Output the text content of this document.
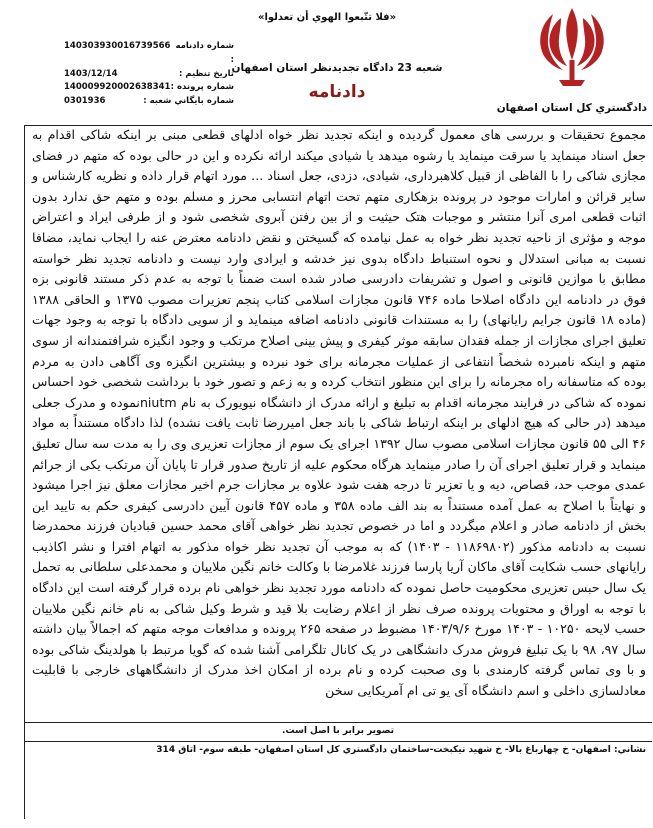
دادگستري کل استان اصفهان
«فلا تتّبعوا الهوي أن تعدلوا»
شعبه 23 دادگاه تجديدنظر استان اصفهان
دادنامه
140303930016739566 شماره دادنامه :
1403/12/14	تاريخ تنظيم :
140009920002638341 شماره پرونده :
0301936	شماره بايگاني شعبه :

مجموع تحقیقات و بررسی های معمول گردیده و اینکه تجدید نظر خواه ادلهای قطعی مبنی بر اینکه شاکی اقدام به جعل اسناد مینماید یا سرقت مینماید یا رشوه میدهد یا شیادی میکند ارائه نکرده و این در حالی بوده که متهم در فضای مجازی شاکی را با الفاظی از قبیل کلاهبرداری، شیادی، دزدی، جعل اسناد ... مورد اتهام قرار داده و نظریه کارشناس و سایر قرائن و امارات موجود در پرونده بزهکاری متهم تحت اتهام انتسابی محرز و مسلم بوده و متهم حق ندارد بدون اثبات قطعی امری آنرا منتشر و موجبات هتک حیثیت و از بین رفتن آبروی شخصی شود و از طرفی ایراد و اعتراض موجه و مؤثری از ناحیه تجدید نظر خواه به عمل نیامده که گسیختن و نقض دادنامه معترض عنه را ایجاب نماید، مضافا نسبت به مبانی استدلال و نحوه استنباط دادگاه بدوی نیز خدشه و ایرادی وارد نیست و دادنامه تجدید نظر خواسته مطابق با موازین قانونی و اصول و تشریفات دادرسی صادر شده است ضمناً با توجه به عدم ذکر مستند قانونی بزه فوق در دادنامه این دادگاه اصلاحا ماده ۷۴۶ قانون مجازات اسلامی کتاب پنجم تعزیرات مصوب ۱۳۷۵ و الحاقی ۱۳۸۸ (ماده ۱۸ قانون جرایم رایانهای) را به مستندات قانونی دادنامه اضافه مینماید و از سویی دادگاه با توجه به وجود جهات تعلیق اجرای مجازات از جمله فقدان سابقه موثر کیفری و پیش بینی اصلاح مرتکب و وجود انگیزه شرافتمندانه از سوی متهم و اینکه نامبرده شخصاً انتفاعی از عملیات مجرمانه برای خود نبرده و بیشترین انگیزه وی آگاهی دادن به مردم بوده که متاسفانه راه مجرمانه را برای این منظور انتخاب کرده و به زعم و تصور خود با برداشت شخصی خود احساس نموده که شاکی در فرایند مجرمانه اقدام به تبلیغ و ارائه مدرک از دانشگاه نیویورک به نام niutmنموده و مدرک جعلی میدهد (در حالی که هیچ ادلهای بر اینکه ارتباط شاکی با باند جعل امیررضا ثابت یافت نشده) لذا دادگاه مستنداً به مواد ۴۶ الی ۵۵ قانون مجازات اسلامی مصوب سال ۱۳۹۲ اجرای یک سوم از مجازات تعزیری وی را به مدت سه سال تعلیق مینماید و قرار تعلیق اجرای آن را صادر مینماید هرگاه محکوم علیه از تاریخ صدور قرار تا پایان آن مرتکب یکی از جرائم عمدی موجب حد، قصاص، دیه و یا تعزیر تا درجه هفت شود علاوه بر مجازات جرم اخیر مجازات معلق نیز اجرا میشود و نهایتاً با اصلاح به عمل آمده مستنداً به بند الف ماده ۳۵۸ و ماده ۴۵۷ قانون آیین دادرسی کیفری حکم به تایید این بخش از دادنامه صادر و اعلام میگردد و اما در خصوص تجدید نظر خواهی آقای محمد حسین قبادیان فرزند محمدرضا نسبت به دادنامه مذکور (۱۱۸۶۹۸۰۲ - ۱۴۰۳) که به موجب آن تجدید نظر خواه مذکور به اتهام افترا و نشر اکاذیب رایانهای حسب شکایت آقای ماکان آریا پارسا فرزند غلامرضا با وکالت خانم نگین ملاییان و محمدعلی سلطانی به تحمل یک سال حبس تعزیری محکومیت حاصل نموده که دادنامه مورد تجدید نظر خواهی نام برده قرار گرفته است این دادگاه با توجه به اوراق و محتویات پرونده صرف نظر از اعلام رضایت بلا قید و شرط وکیل شاکی به نام خانم نگین ملاییان حسب لایحه ۱۰۲۵۰ - ۱۴۰۳ مورخ ۱۴۰۳/۹/۶ مضبوط در صفحه ۲۶۵ پرونده و مدافعات موجه متهم که اجمالاً بیان داشته سال ۹۷، ۹۸ با یک تبلیغ فروش مدرک دانشگاهی در یک کانال تلگرامی آشنا شده که گویا مرتبط با هولدینگ شاکی بوده و با وی تماس گرفته کارمندی با وی صحبت کرده و نام برده از امکان اخذ مدرک از دانشگاههای خارجی با قابلیت معادلسازی داخلی و اسم دانشگاه آی یو تی ام آمریکایی سخن

تصوير برابر با اصل است.
نشاني: اصفهان- خ چهارباغ بالا- خ شهيد نيكبخت-ساختمان دادگستري كل استان اصفهان- طبقه سوم- اتاق 314
